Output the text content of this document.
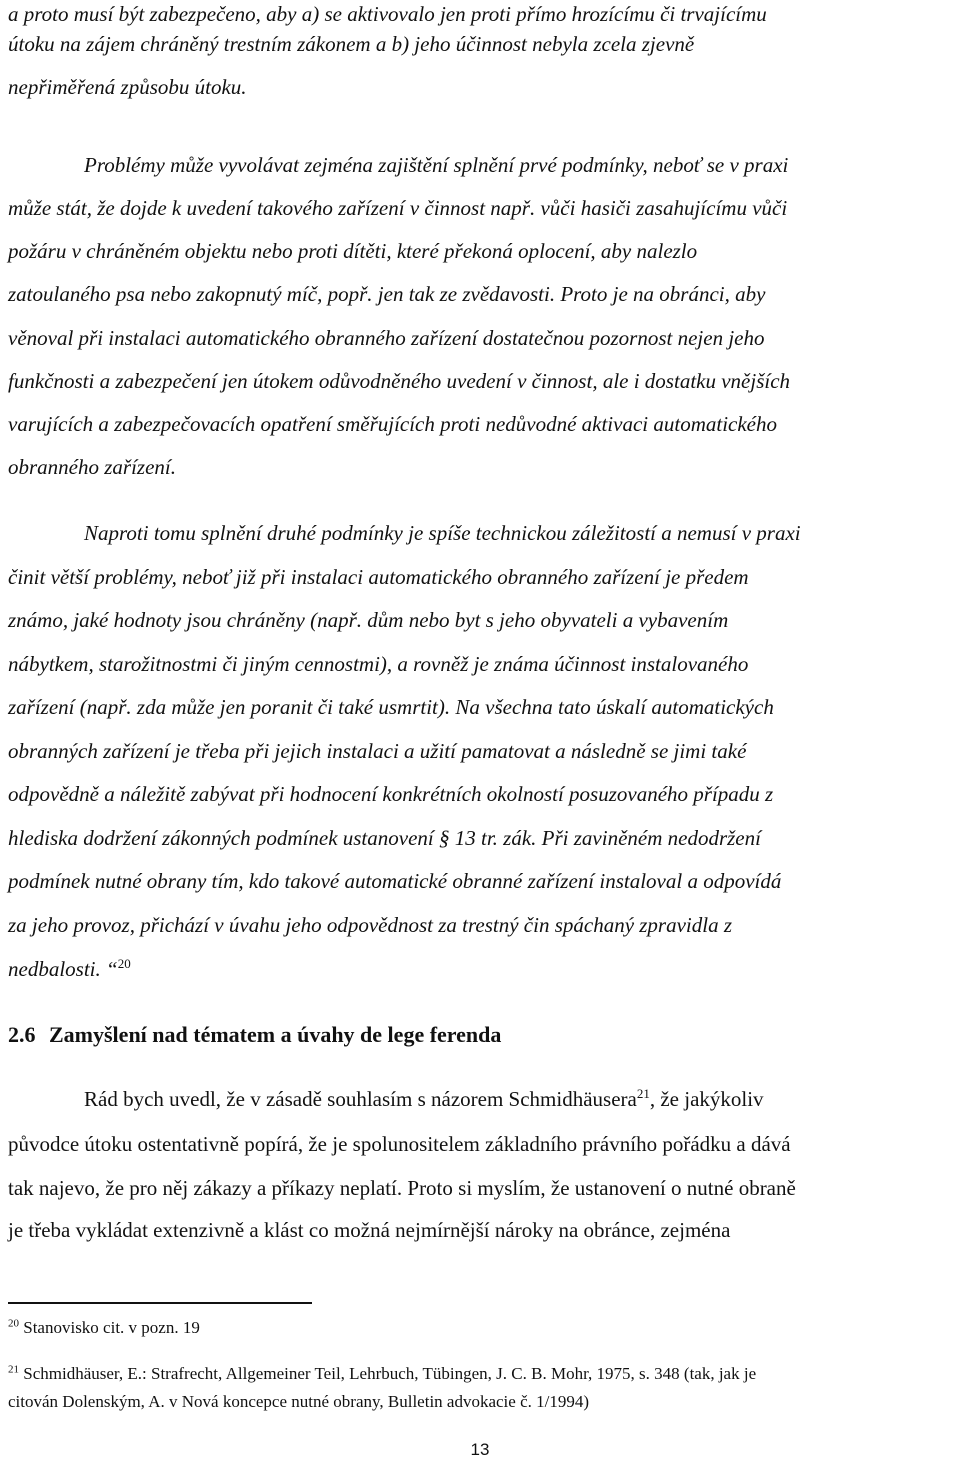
a proto musí být zabezpečeno, aby a) se aktivovalo jen proti přímo hrozícímu či trvajícímu
útoku na zájem chráněný trestním zákonem a b) jeho účinnost nebyla zcela zjevně
nepřiměřená způsobu útoku.
Problémy může vyvolávat zejména zajištění splnění prvé podmínky, neboť se v praxi
může stát, že dojde k uvedení takového zařízení v činnost např. vůči hasiči zasahujícímu vůči
požáru v chráněném objektu nebo proti dítěti, které překoná oplocení, aby nalezlo
zatoulaného psa nebo zakopnutý míč, popř. jen tak ze zvědavosti. Proto je na obránci, aby
věnoval při instalaci automatického obranného zařízení dostatečnou pozornost nejen jeho
funkčnosti a zabezpečení jen útokem odůvodněného uvedení v činnost, ale i dostatku vnějších
varujících a zabezpečovacích opatření směřujících proti nedůvodné aktivaci automatického
obranného zařízení.
Naproti tomu splnění druhé podmínky je spíše technickou záležitostí a nemusí v praxi
činit větší problémy, neboť již při instalaci automatického obranného zařízení je předem
známo, jaké hodnoty jsou chráněny (např. dům nebo byt s jeho obyvateli a vybavením
nábytkem, starožitnostmi či jiným cennostmi), a rovněž je známa účinnost instalovaného
zařízení (např. zda může jen poranit či také usmrtit). Na všechna tato úskalí automatických
obranných zařízení je třeba při jejich instalaci a užití pamatovat a následně se jimi také
odpovědně a náležitě zabývat při hodnocení konkrétních okolností posuzovaného případu z
hlediska dodržení zákonných podmínek ustanovení § 13 tr. zák. Při zaviněném nedodržení
podmínek nutné obrany tím, kdo takové automatické obranné zařízení instaloval a odpovídá
za jeho provoz, přichází v úvahu jeho odpovědnost za trestný čin spáchaný zpravidla z
nedbalosti. “$^{20}$
2.6 Zamyšlení nad tématem a úvahy de lege ferenda
Rád bych uvedl, že v zásadě souhlasím s názorem Schmidhäusera$^{21}$, že jakýkoliv
původce útoku ostentativně popírá, že je spolunositelem základního právního pořádku a dává
tak najevo, že pro něj zákazy a příkazy neplatí. Proto si myslím, že ustanovení o nutné obraně
je třeba vykládat extenzivně a klást co možná nejmírnější nároky na obránce, zejména
$^{20}$ Stanovisko cit. v pozn. 19
$^{21}$ Schmidhäuser, E.: Strafrecht, Allgemeiner Teil, Lehrbuch, Tübingen, J. C. B. Mohr, 1975, s. 348 (tak, jak je
citován Dolenským, A. v Nová koncepce nutné obrany, Bulletin advokacie č. 1/1994)
13
